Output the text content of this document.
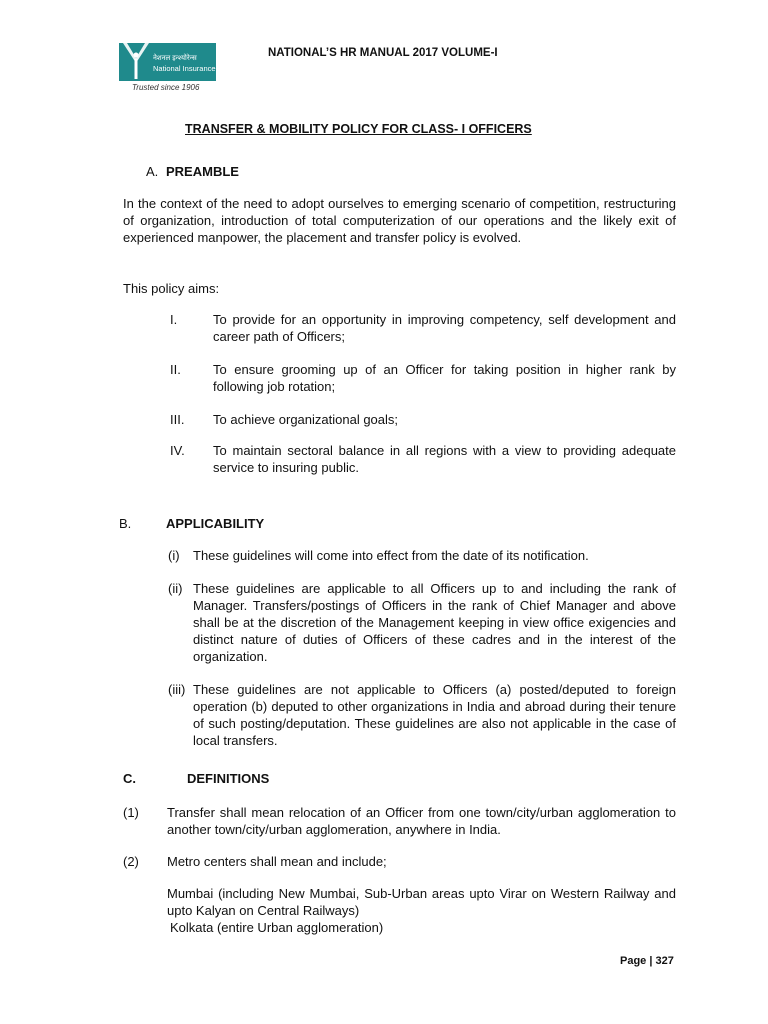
नेशनल इन्श्योरेन्स
National Insurance
Trusted since 1906
NATIONAL’S HR MANUAL 2017 VOLUME-I
TRANSFER & MOBILITY POLICY FOR CLASS- I OFFICERS
A. PREAMBLE
In the context of the need to adopt ourselves to emerging scenario of competition, restructuring of organization, introduction of total computerization of our operations and the likely exit of experienced manpower, the placement and transfer policy is evolved.
This policy aims:
I.	To provide for an opportunity in improving competency, self development and career path of Officers;
II. To ensure grooming up of an Officer for taking position in higher rank by following job rotation;
III. To achieve organizational goals;
IV. To maintain sectoral balance in all regions with a view to providing adequate service to insuring public.
B.	APPLICABILITY
(i) These guidelines will come into effect from the date of its notification.
(ii) These guidelines are applicable to all Officers up to and including the rank of Manager. Transfers/postings of Officers in the rank of Chief Manager and above shall be at the discretion of the Management keeping in view office exigencies and distinct nature of duties of Officers of these cadres and in the interest of the organization.
(iii) These guidelines are not applicable to Officers (a) posted/deputed to foreign operation (b) deputed to other organizations in India and abroad during their tenure of such posting/deputation. These guidelines are also not applicable in the case of local transfers.
C.	DEFINITIONS
(1) Transfer shall mean relocation of an Officer from one town/city/urban agglomeration to another town/city/urban agglomeration, anywhere in India.
(2) Metro centers shall mean and include;
Mumbai (including New Mumbai, Sub-Urban areas upto Virar on Western Railway and upto Kalyan on Central Railways)
Kolkata (entire Urban agglomeration)
Page | 327
